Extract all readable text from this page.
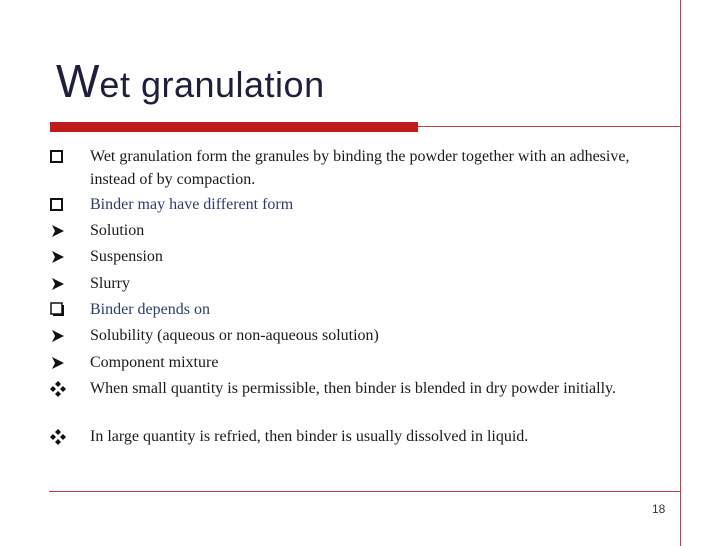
Wet granulation
Wet granulation form the granules by binding the powder together with an adhesive, instead of by compaction.
Binder may have different form
Solution
Suspension
Slurry
Binder depends on
Solubility (aqueous or non-aqueous solution)
Component mixture
When small quantity is permissible, then binder is blended in dry powder initially.
In large quantity is refried, then binder is usually dissolved in liquid.
18
